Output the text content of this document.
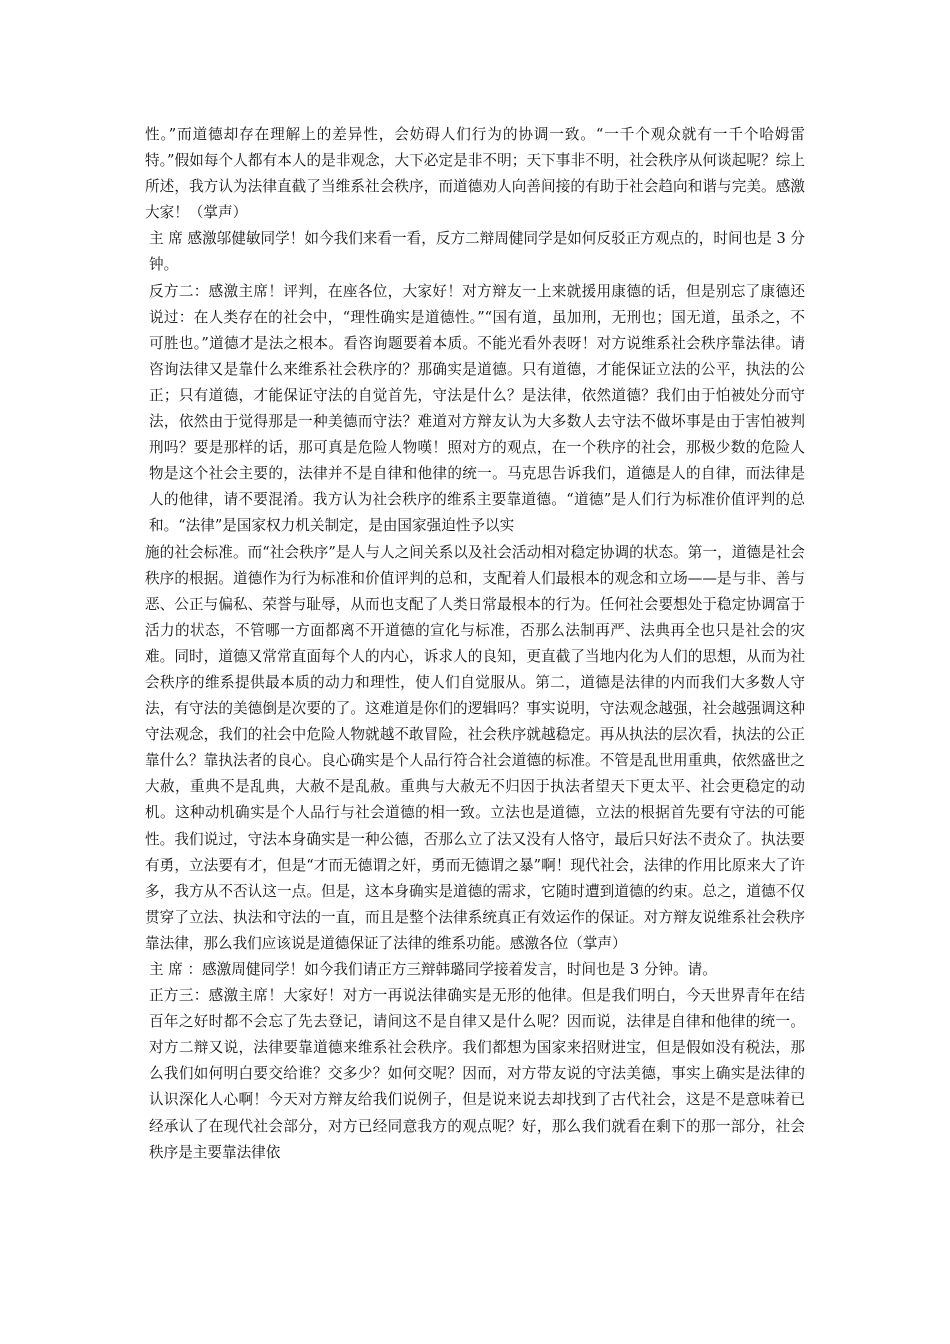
性。”而道德却存在理解上的差异性，会妨碍人们行为的协调一致。“一千个观众就有一千个哈姆雷特。”假如每个人都有本人的是非观念，大下必定是非不明；天下事非不明，社会秩序从何谈起呢？综上所述，我方认为法律直截了当维系社会秩序，而道德劝人向善间接的有助于社会趋向和谐与完美。感激大家！（掌声）

主 席 感激邬健敏同学！如今我们来看一看，反方二辩周健同学是如何反驳正方观点的，时间也是 3 分钟。

反方二：感激主席！评判，在座各位，大家好！对方辩友一上来就援用康德的话，但是别忘了康德还说过：在人类存在的社会中，“理性确实是道德性。”“国有道，虽加刑，无刑也；国无道，虽杀之，不可胜也。”道德才是法之根本。看咨询题要着本质。不能光看外表呀！对方说维系社会秩序靠法律。请咨询法律又是靠什么来维系社会秩序的？那确实是道德。只有道德，才能保证立法的公平，执法的公正；只有道德，才能保证守法的自觉首先，守法是什么？是法律，依然道德？我们由于怕被处分而守法，依然由于觉得那是一种美德而守法？难道对方辩友认为大多数人去守法不做坏事是由于害怕被判刑吗？要是那样的话，那可真是危险人物嘆！照对方的观点，在一个秩序的社会，那极少数的危险人物是这个社会主要的，法律并不是自律和他律的统一。马克思告诉我们，道德是人的自律，而法律是人的他律，请不要混淆。我方认为社会秩序的维系主要靠道德。“道德”是人们行为标准价值评判的总和。“法律”是国家权力机关制定，是由国家强迫性予以实

施的社会标准。而“社会秩序”是人与人之间关系以及社会活动相对稳定协调的状态。第一，道德是社会秩序的根据。道德作为行为标准和价值评判的总和，支配着人们最根本的观念和立场——是与非、善与恶、公正与偏私、荣誉与耻辱，从而也支配了人类日常最根本的行为。任何社会要想处于稳定协调富于活力的状态，不管哪一方面都离不开道德的宣化与标准，否那么法制再严、法典再全也只是社会的灾难。同时，道德又常常直面每个人的内心，诉求人的良知，更直截了当地内化为人们的思想，从而为社会秩序的维系提供最本质的动力和理性，使人们自觉服从。第二，道德是法律的内而我们大多数人守法，有守法的美德倒是次要的了。这难道是你们的逻辑吗？事实说明，守法观念越强，社会越强调这种守法观念，我们的社会中危险人物就越不敢冒险，社会秩序就越稳定。再从执法的层次看，执法的公正靠什么？靠执法者的良心。良心确实是个人品行符合社会道德的标准。不管是乱世用重典，依然盛世之大赦，重典不是乱典，大赦不是乱赦。重典与大赦无不归因于执法者望天下更太平、社会更稳定的动机。这种动机确实是个人品行与社会道德的相一致。立法也是道德，立法的根据首先要有守法的可能性。我们说过，守法本身确实是一种公德，否那么立了法又没有人恪守，最后只好法不责众了。执法要有勇，立法要有才，但是“才而无德谓之奸，勇而无德谓之暴”啊！现代社会，法律的作用比原来大了许多，我方从不否认这一点。但是，这本身确实是道德的需求，它随时遭到道德的约束。总之，道德不仅贯穿了立法、执法和守法的一直，而且是整个法律系统真正有效运作的保证。对方辩友说维系社会秩序靠法律，那么我们应该说是道德保证了法律的维系功能。感激各位（掌声）

主 席 ：感激周健同学！如今我们请正方三辩韩璐同学接着发言，时间也是 3 分钟。请。

正方三：感激主席！大家好！对方一再说法律确实是无形的他律。但是我们明白，今天世界青年在结百年之好时都不会忘了先去登记，请间这不是自律又是什么呢？因而说，法律是自律和他律的统一。对方二辩又说，法律要靠道德来维系社会秩序。我们都想为国家来招财进宝，但是假如没有税法，那么我们如何明白要交给谁？交多少？如何交呢？因而，对方带友说的守法美德，事实上确实是法律的认识深化人心啊！今天对方辩友给我们说例子，但是说来说去却找到了古代社会，这是不是意味着已经承认了在现代社会部分，对方已经同意我方的观点呢？好，那么我们就看在剩下的那一部分，社会秩序是主要靠法律依
